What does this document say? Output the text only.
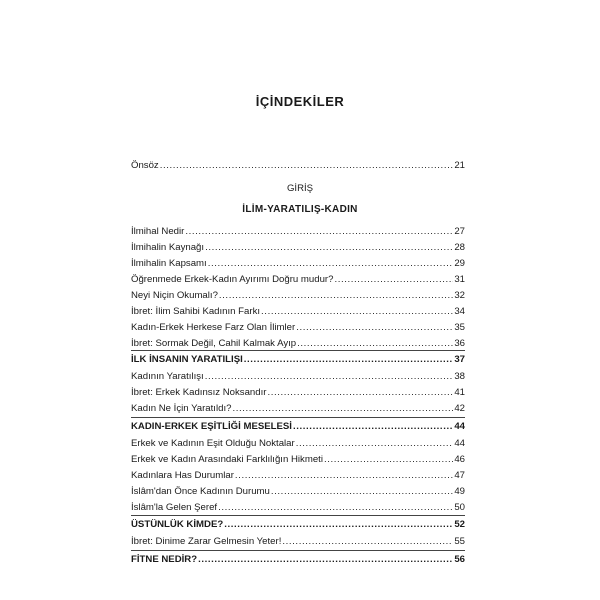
İÇİNDEKİLER
Önsöz .....	21
GİRİŞ
İLİM-YARATILIŞ-KADIN
İlmihal Nedir .....	27
İlmihalin Kaynağı .....	28
İlmihalin Kapsamı .....	29
Öğrenmede Erkek-Kadın Ayırımı Doğru mudur? .....	31
Neyi Niçin Okumalı? .....	32
İbret: İlim Sahibi Kadının Farkı .....	34
Kadın-Erkek Herkese Farz Olan İlimler .....	35
İbret: Sormak Değil, Cahil Kalmak Ayıp .....	36
İLK İNSANIN YARATILIŞI .....	37
Kadının Yaratılışı .....	38
İbret: Erkek Kadınsız Noksandır .....	41
Kadın Ne İçin Yaratıldı? .....	42
KADIN-ERKEK EŞİTLİĞİ MESELESİ .....	44
Erkek ve Kadının Eşit Olduğu Noktalar .....	44
Erkek ve Kadın Arasındaki Farklılığın Hikmeti .....	46
Kadınlara Has Durumlar .....	47
İslâm'dan Önce Kadının Durumu .....	49
İslâm'la Gelen Şeref .....	50
ÜSTÜNLÜK KİMDE? .....	52
İbret: Dinime Zarar Gelmesin Yeter! .....	55
FİTNE NEDİR? .....	56
